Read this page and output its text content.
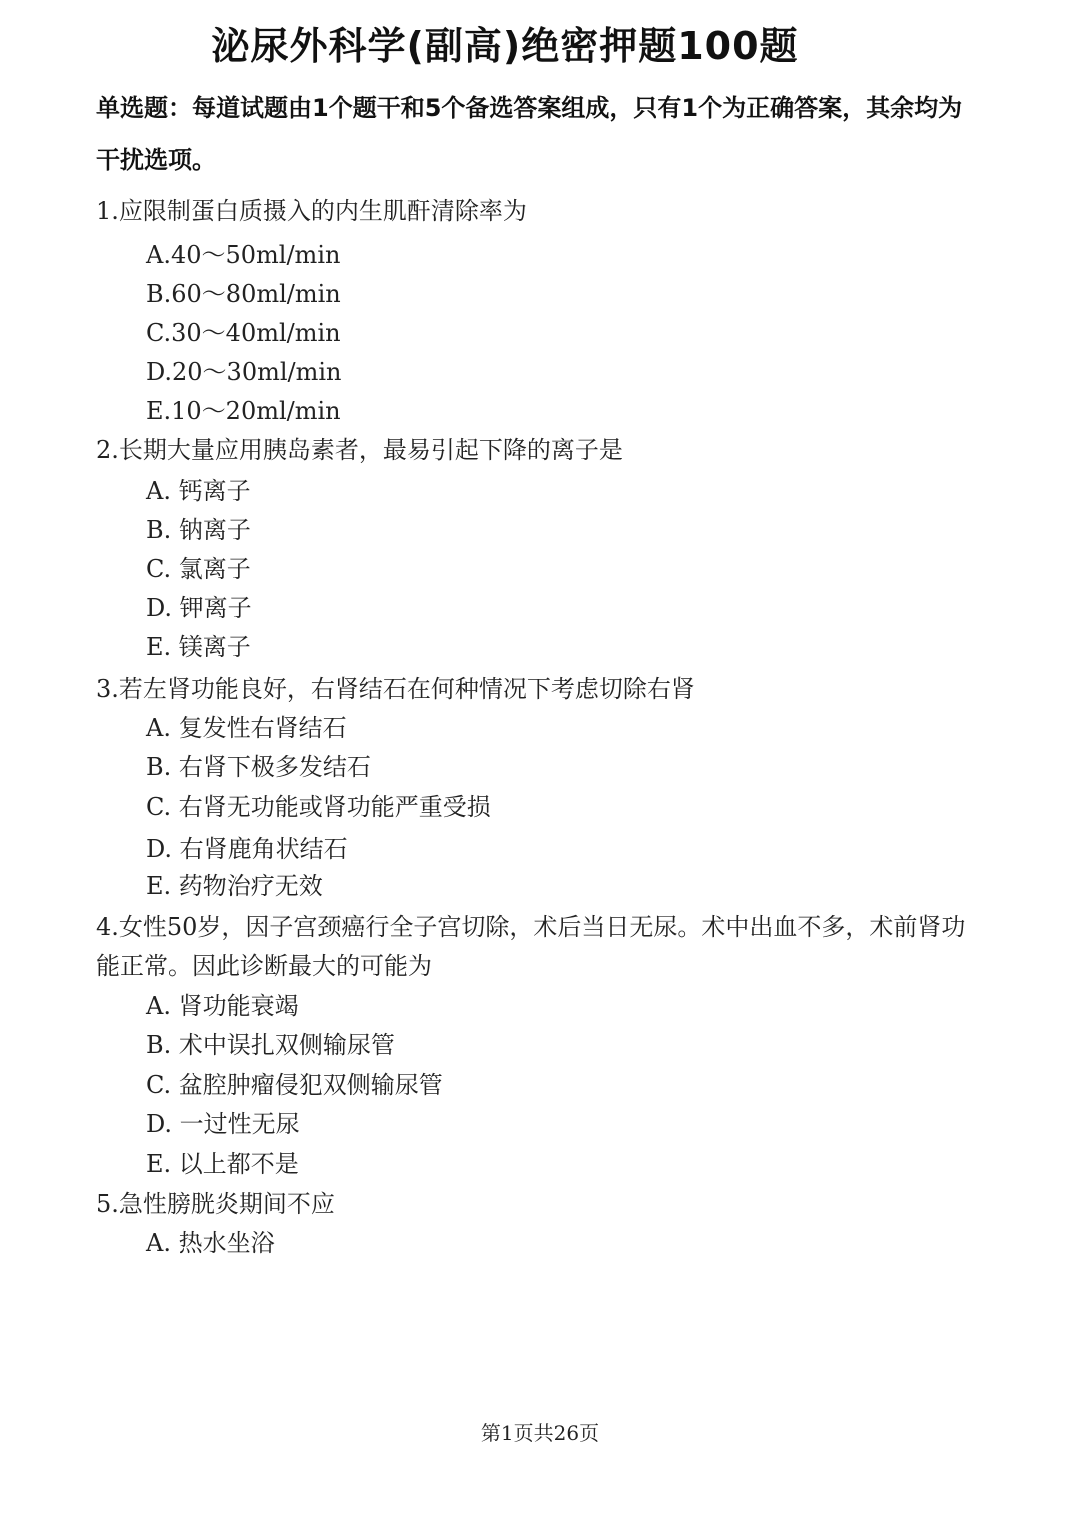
泌尿外科学(副高)绝密押题100题
单选题：每道试题由1个题干和5个备选答案组成，只有1个为正确答案，其余均为干扰选项。
1.应限制蛋白质摄入的内生肌酐清除率为
A.40～50ml/min
B.60～80ml/min
C.30～40ml/min
D.20～30ml/min
E.10～20ml/min
2.长期大量应用胰岛素者，最易引起下降的离子是
A. 钙离子
B. 钠离子
C. 氯离子
D. 钾离子
E. 镁离子
3.若左肾功能良好，右肾结石在何种情况下考虑切除右肾
A. 复发性右肾结石
B. 右肾下极多发结石
C. 右肾无功能或肾功能严重受损
D. 右肾鹿角状结石
E. 药物治疗无效
4.女性50岁，因子宫颈癌行全子宫切除，术后当日无尿。术中出血不多，术前肾功能正常。因此诊断最大的可能为
A. 肾功能衰竭
B. 术中误扎双侧输尿管
C. 盆腔肿瘤侵犯双侧输尿管
D. 一过性无尿
E. 以上都不是
5.急性膀胱炎期间不应
A. 热水坐浴
第1页共26页
